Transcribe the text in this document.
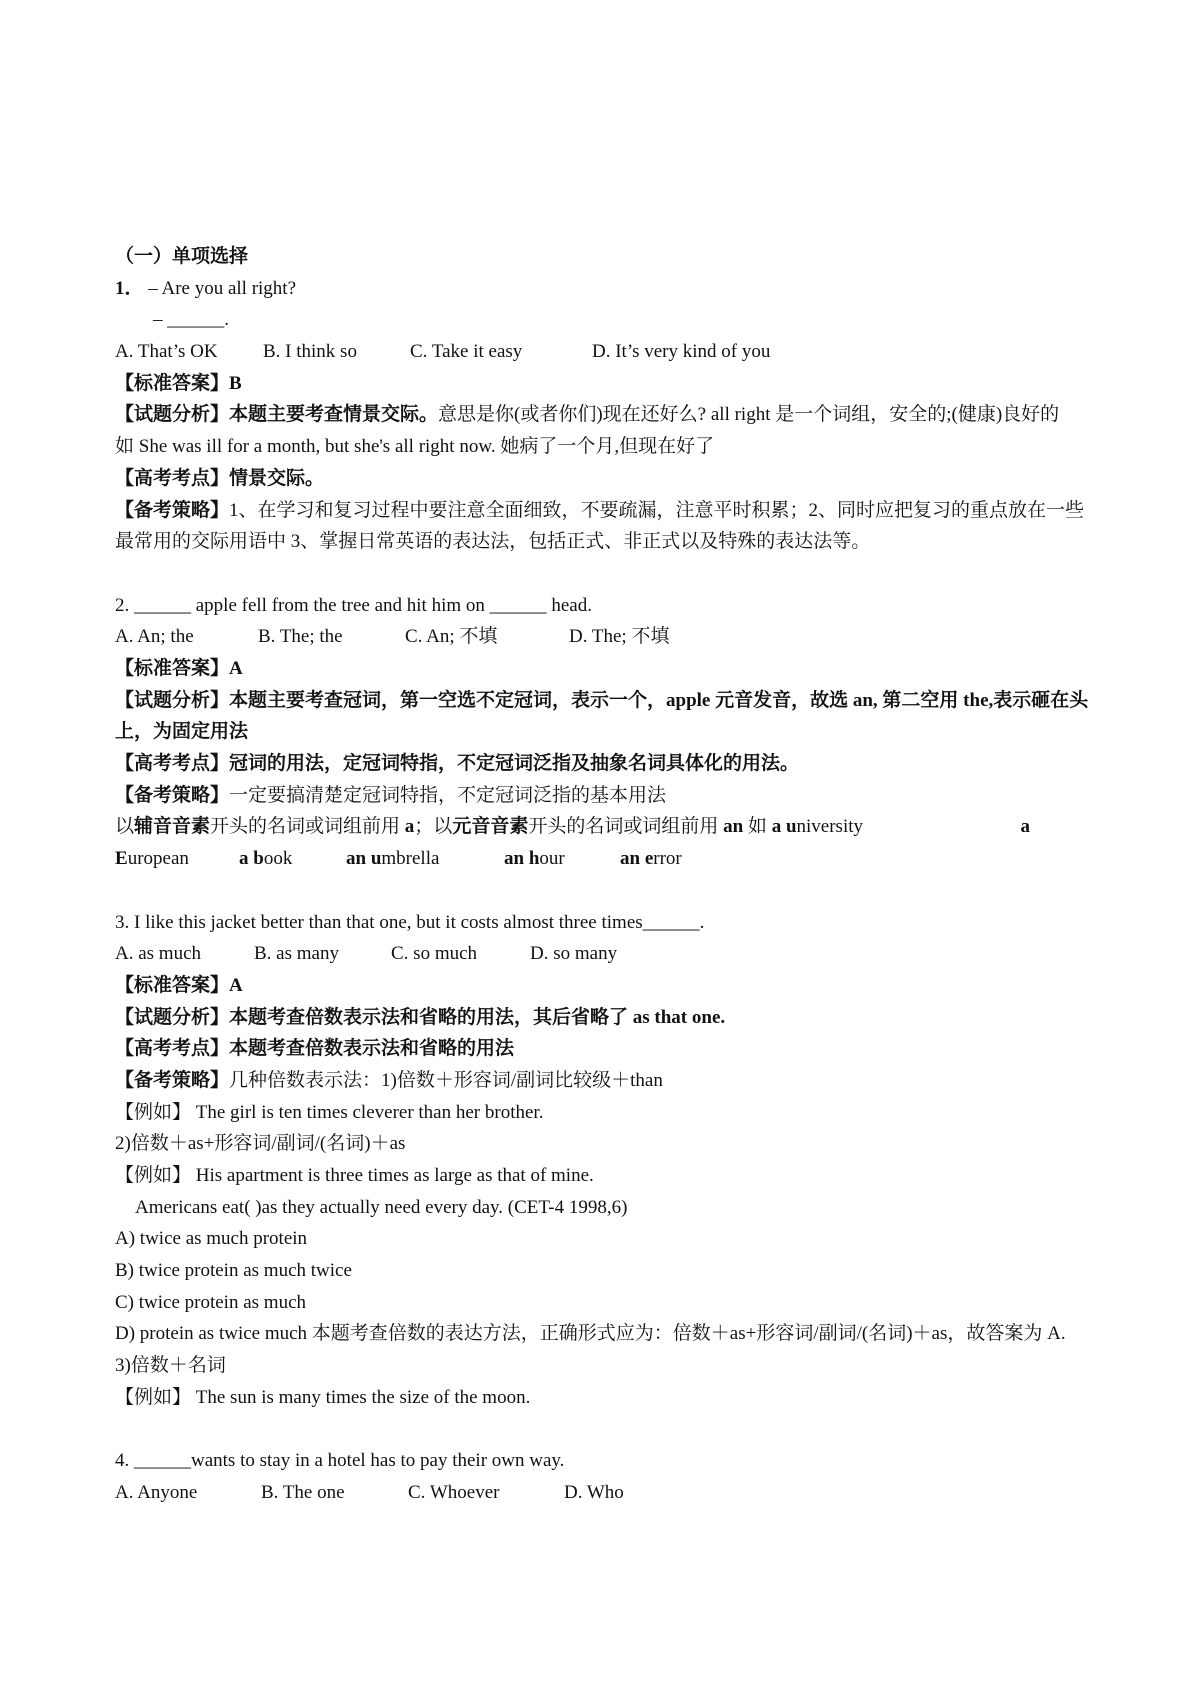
（一）单项选择
1． – Are you all right?
– ______.
A. That’s OK B. I think so	C. Take it easy	D. It’s very kind of you
【标准答案】B
【试题分析】本题主要考查情景交际。意思是你(或者你们)现在还好么? all right 是一个词组，安全的;(健康)良好的
如 She was ill for a month, but she's all right now. 她病了一个月,但现在好了
【高考考点】情景交际。
【备考策略】1、在学习和复习过程中要注意全面细致，不要疏漏，注意平时积累；2、同时应把复习的重点放在一些最常用的交际用语中 3、掌握日常英语的表达法，包括正式、非正式以及特殊的表达法等。
2. ______ apple fell from the tree and hit him on ______ head.
A. An; the	B. The; the	C. An; 不填	D. The; 不填
【标准答案】A
【试题分析】本题主要考查冠词，第一空选不定冠词，表示一个，apple 元音发音，故选 an, 第二空用 the,表示砸在头上，为固定用法
【高考考点】冠词的用法，定冠词特指，不定冠词泛指及抽象名词具体化的用法。
【备考策略】一定要搞清楚定冠词特指，不定冠词泛指的基本用法
以辅音音素开头的名词或词组前用 a；以元音音素开头的名词或词组前用 an 如 a university	a
European	a book	an umbrella	an hour	an error
3. I like this jacket better than that one, but it costs almost three times______.
A. as much	B. as many	C. so much	D. so many
【标准答案】A
【试题分析】本题考查倍数表示法和省略的用法，其后省略了 as that one.
【高考考点】本题考查倍数表示法和省略的用法
【备考策略】几种倍数表示法：1)倍数＋形容词/副词比较级＋than
【例如】 The girl is ten times cleverer than her brother.
2)倍数＋as+形容词/副词/(名词)＋as
【例如】 His apartment is three times as large as that of mine.
Americans eat( )as they actually need every day. (CET-4 1998,6)
A) twice as much protein
B) twice protein as much twice
C) twice protein as much
D) protein as twice much 本题考查倍数的表达方法，正确形式应为：倍数＋as+形容词/副词/(名词)＋as，故答案为 A.
3)倍数＋名词
【例如】 The sun is many times the size of the moon.
4. ______wants to stay in a hotel has to pay their own way.
A. Anyone	B. The one	C. Whoever	D. Who
